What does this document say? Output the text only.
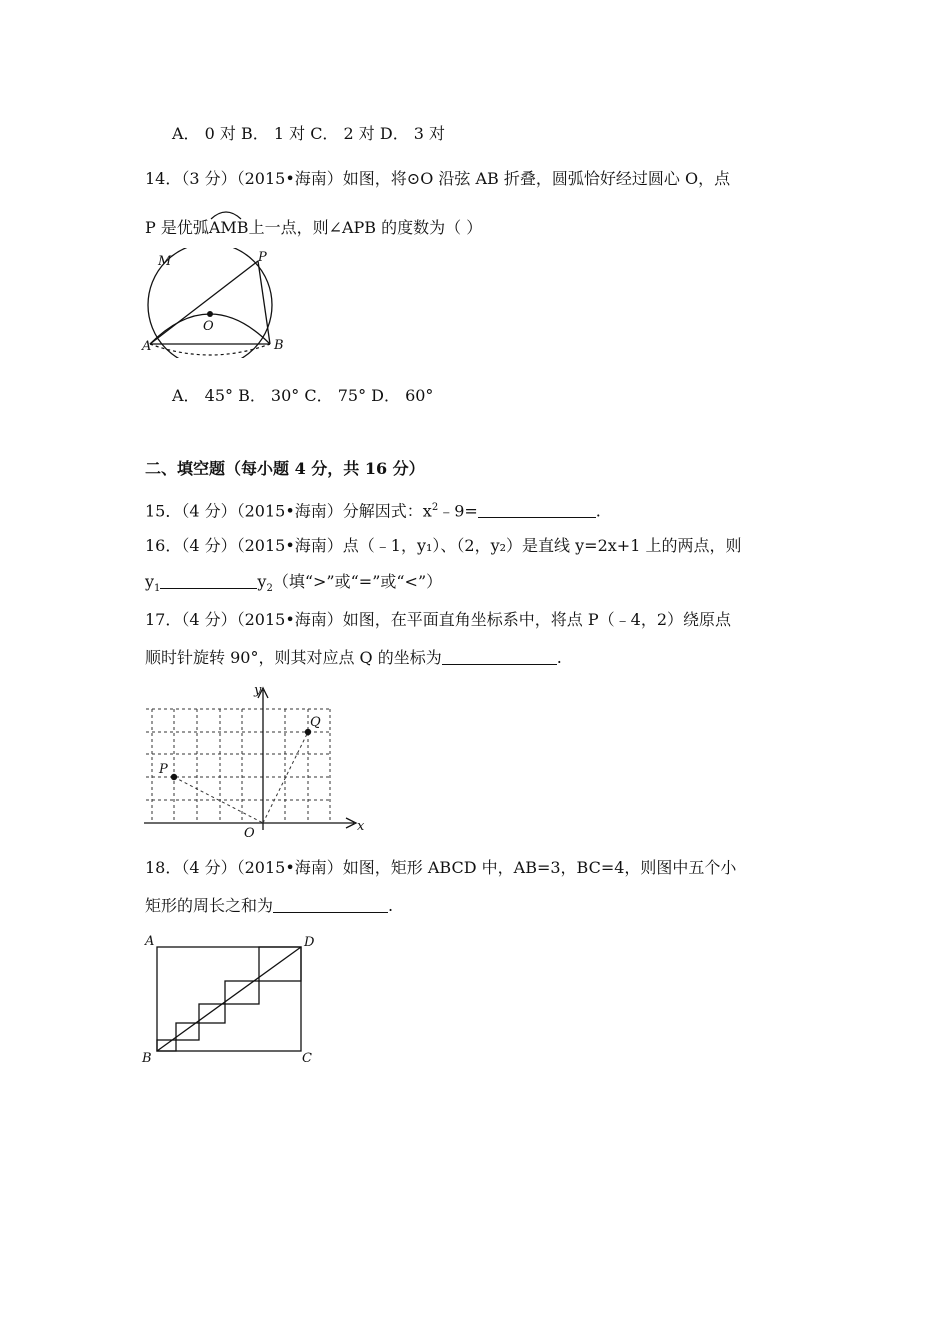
A． 0 对 B． 1 对 C． 2 对 D． 3 对
14．（3 分）（2015•海南）如图，将⊙O 沿弦 AB 折叠，圆弧恰好经过圆心 O，点
P 是优弧
AMB上一点，则∠APB 的度数为（ ）
M	P
O
A	B
A． 45° B． 30° C． 75° D． 60°
二、填空题（每小题 4 分，共 16 分）
15．（4 分）（2015•海南）分解因式：$x^2﹣9=$	.
16．（4 分）（2015•海南）点（﹣1，y₁）、（2，y₂）是直线 y=2x+1 上的两点，则
$y_1$	$y_2$（填“>”或“=”或“<”）
17．（4 分）（2015•海南）如图，在平面直角坐标系中，将点 P（﹣4，2）绕原点
顺时针旋转 90°，则其对应点 Q 的坐标为	.
y
x
O
P
Q
18．（4 分）（2015•海南）如图，矩形 ABCD 中，AB=3，BC=4，则图中五个小
矩形的周长之和为	.
A	D
B	C
